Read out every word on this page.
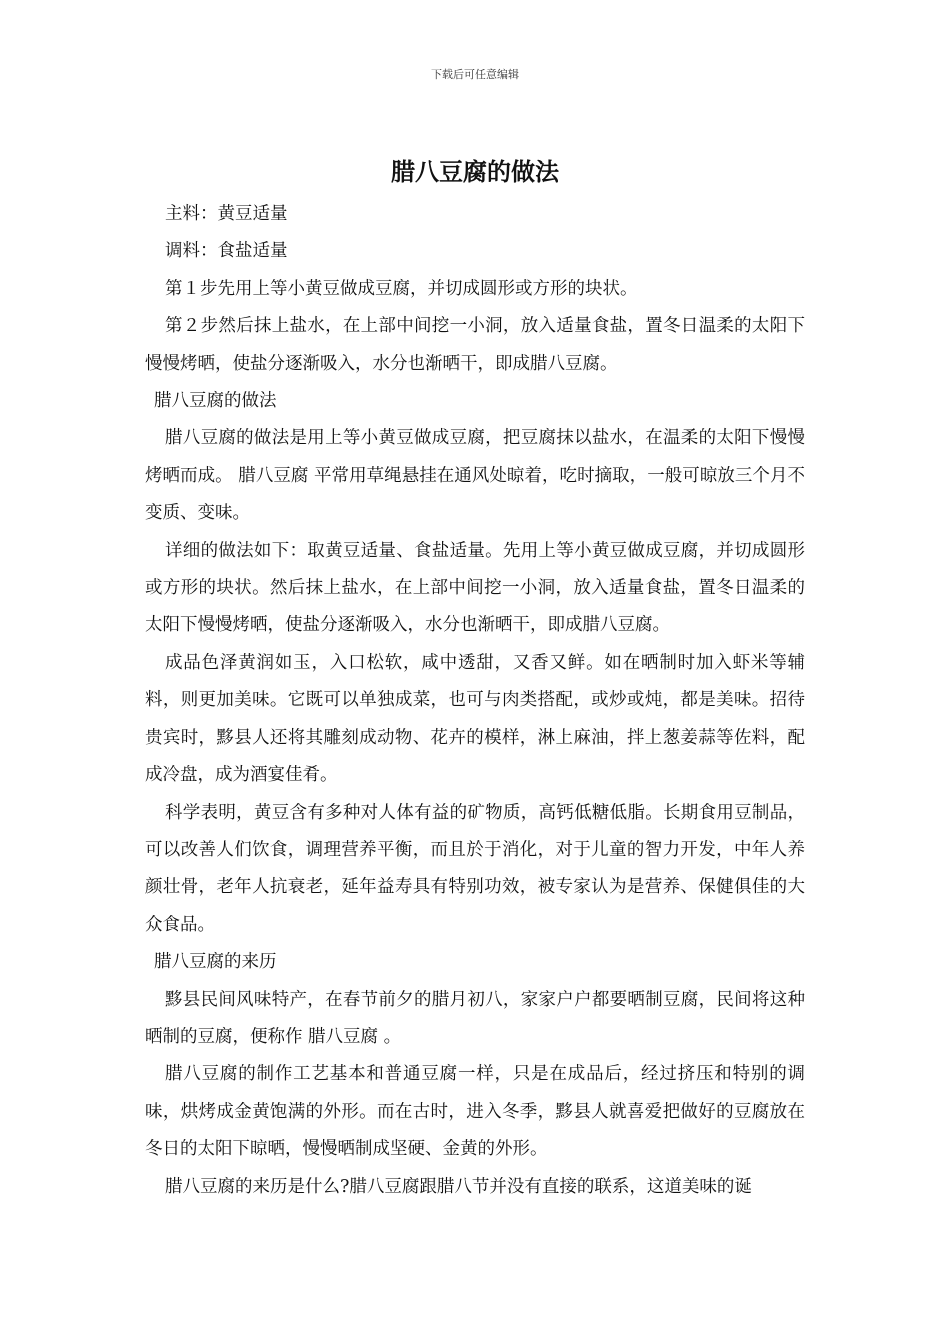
下载后可任意编辑
腊八豆腐的做法

主料：黄豆适量

调料：食盐适量

第１步先用上等小黄豆做成豆腐，并切成圆形或方形的块状。

第２步然后抹上盐水，在上部中间挖一小洞，放入适量食盐，置冬日温柔的太阳下慢慢烤晒，使盐分逐渐吸入，水分也渐晒干，即成腊八豆腐。

腊八豆腐的做法

腊八豆腐的做法是用上等小黄豆做成豆腐，把豆腐抹以盐水，在温柔的太阳下慢慢烤晒而成。 腊八豆腐 平常用草绳悬挂在通风处晾着，吃时摘取，一般可晾放三个月不变质、变味。

详细的做法如下：取黄豆适量、食盐适量。先用上等小黄豆做成豆腐，并切成圆形或方形的块状。然后抹上盐水，在上部中间挖一小洞，放入适量食盐，置冬日温柔的太阳下慢慢烤晒，使盐分逐渐吸入，水分也渐晒干，即成腊八豆腐。

成品色泽黄润如玉，入口松软，咸中透甜，又香又鲜。如在晒制时加入虾米等辅料，则更加美味。它既可以单独成菜，也可与肉类搭配，或炒或炖，都是美味。招待贵宾时，黟县人还将其雕刻成动物、花卉的模样，淋上麻油，拌上葱姜蒜等佐料，配成冷盘，成为酒宴佳肴。

科学表明，黄豆含有多种对人体有益的矿物质，高钙低糖低脂。长期食用豆制品，可以改善人们饮食，调理营养平衡，而且於于消化，对于儿童的智力开发，中年人养颜壮骨，老年人抗衰老，延年益寿具有特别功效，被专家认为是营养、保健俱佳的大众食品。

腊八豆腐的来历

黟县民间风味特产，在春节前夕的腊月初八，家家户户都要晒制豆腐，民间将这种晒制的豆腐，便称作 腊八豆腐 。

腊八豆腐的制作工艺基本和普通豆腐一样，只是在成品后，经过挤压和特别的调味，烘烤成金黄饱满的外形。而在古时，进入冬季，黟县人就喜爱把做好的豆腐放在冬日的太阳下晾晒，慢慢晒制成坚硬、金黄的外形。

腊八豆腐的来历是什么?腊八豆腐跟腊八节并没有直接的联系，这道美味的诞
